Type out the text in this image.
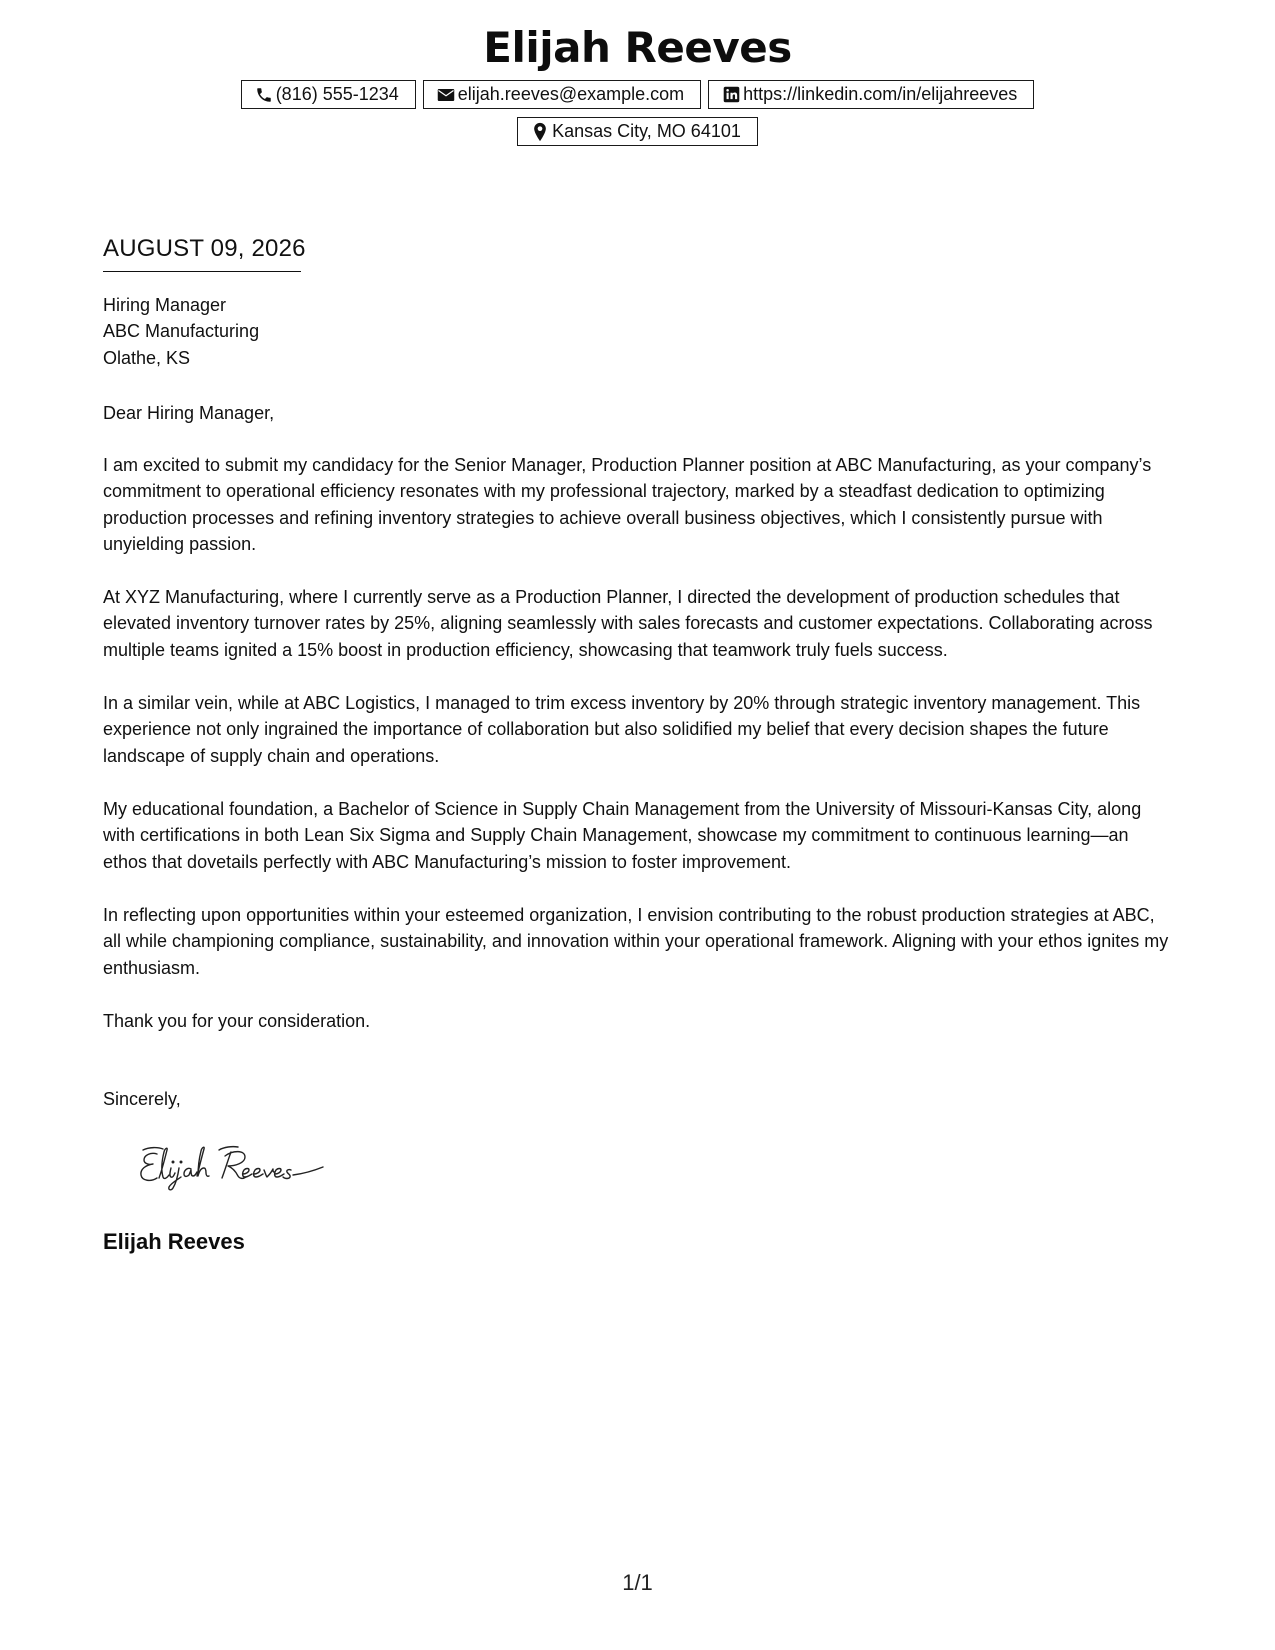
Elijah Reeves
(816) 555-1234	elijah.reeves@example.com	https://linkedin.com/in/elijahreeves
Kansas City, MO 64101
AUGUST 09, 2026
Hiring Manager
ABC Manufacturing
Olathe, KS
Dear Hiring Manager,

I am excited to submit my candidacy for the Senior Manager, Production Planner position at ABC Manufacturing, as your company’s commitment to operational efficiency resonates with my professional trajectory, marked by a steadfast dedication to optimizing production processes and refining inventory strategies to achieve overall business objectives, which I consistently pursue with unyielding passion.

At XYZ Manufacturing, where I currently serve as a Production Planner, I directed the development of production schedules that elevated inventory turnover rates by 25%, aligning seamlessly with sales forecasts and customer expectations. Collaborating across multiple teams ignited a 15% boost in production efficiency, showcasing that teamwork truly fuels success.

In a similar vein, while at ABC Logistics, I managed to trim excess inventory by 20% through strategic inventory management. This experience not only ingrained the importance of collaboration but also solidified my belief that every decision shapes the future landscape of supply chain and operations.

My educational foundation, a Bachelor of Science in Supply Chain Management from the University of Missouri-Kansas City, along with certifications in both Lean Six Sigma and Supply Chain Management, showcase my commitment to continuous learning—an ethos that dovetails perfectly with ABC Manufacturing’s mission to foster improvement.

In reflecting upon opportunities within your esteemed organization, I envision contributing to the robust production strategies at ABC, all while championing compliance, sustainability, and innovation within your operational framework. Aligning with your ethos ignites my enthusiasm.

Thank you for your consideration.
Sincerely,
Elijah Reeves
1/1
